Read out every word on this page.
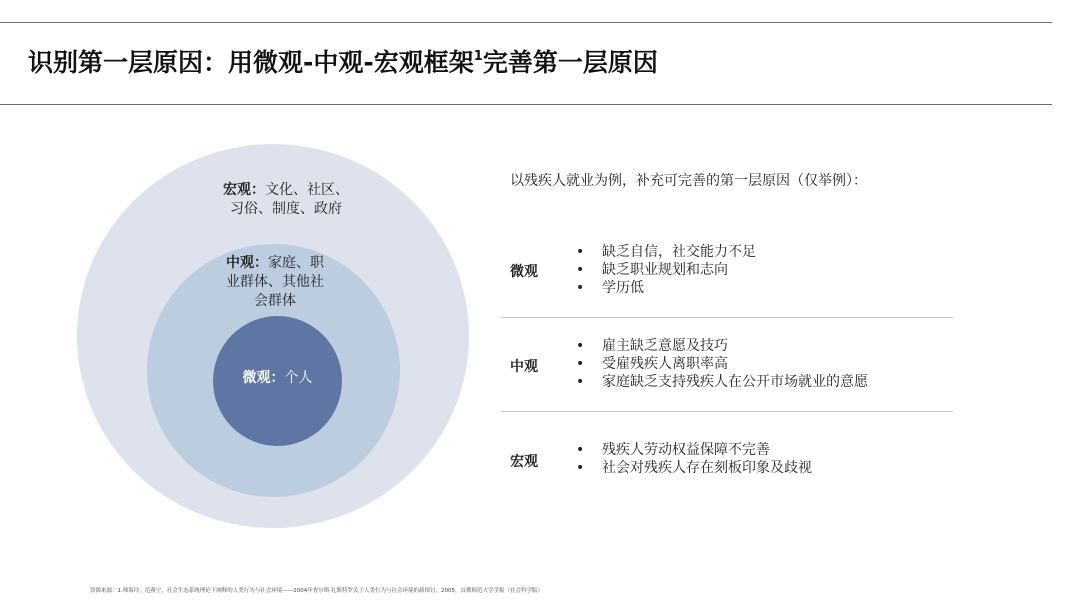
识别第一层原因：用微观-中观-宏观框架$^1$完善第一层原因
宏观：文化、社区、
习俗、制度、政府
中观：家庭、职
业群体、其他社
会群体
微观：个人
以残疾人就业为例，补充可完善的第一层原因（仅举例）：
微观
• 缺乏自信，社交能力不足
• 缺乏职业规划和志向
• 学历低
中观
• 雇主缺乏意愿及技巧
• 受雇残疾人离职率高
• 家庭缺乏支持残疾人在公开市场就业的意愿
宏观
• 残疾人劳动权益保障不完善
• 社会对残疾人存在刻板印象及歧视
资源来源：1.师海玲，范燕宁，社会生态系统理论下阐释的人类行为与社会环境——2004年查尔斯·扎斯特罗关于人类行为与社会环境的新探讨，2005，首都师范大学学报（社会科学版）
